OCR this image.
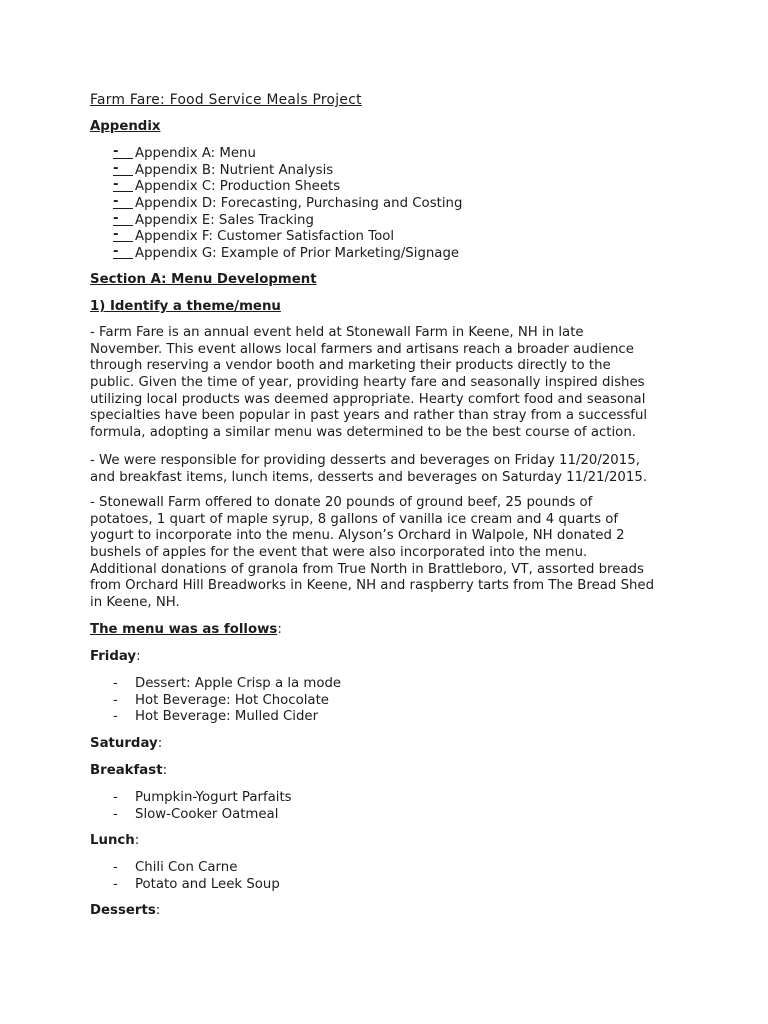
Farm Fare: Food Service Meals Project
Appendix
-	Appendix A: Menu
-	Appendix B: Nutrient Analysis
-	Appendix C: Production Sheets
-	Appendix D: Forecasting, Purchasing and Costing
-	Appendix E: Sales Tracking
-	Appendix F: Customer Satisfaction Tool
-	Appendix G: Example of Prior Marketing/Signage
Section A: Menu Development
1) Identify a theme/menu
- Farm Fare is an annual event held at Stonewall Farm in Keene, NH in late
November. This event allows local farmers and artisans reach a broader audience
through reserving a vendor booth and marketing their products directly to the
public. Given the time of year, providing hearty fare and seasonally inspired dishes
utilizing local products was deemed appropriate. Hearty comfort food and seasonal
specialties have been popular in past years and rather than stray from a successful
formula, adopting a similar menu was determined to be the best course of action.
- We were responsible for providing desserts and beverages on Friday 11/20/2015,
and breakfast items, lunch items, desserts and beverages on Saturday 11/21/2015.
- Stonewall Farm offered to donate 20 pounds of ground beef, 25 pounds of
potatoes, 1 quart of maple syrup, 8 gallons of vanilla ice cream and 4 quarts of
yogurt to incorporate into the menu. Alyson’s Orchard in Walpole, NH donated 2
bushels of apples for the event that were also incorporated into the menu.
Additional donations of granola from True North in Brattleboro, VT, assorted breads
from Orchard Hill Breadworks in Keene, NH and raspberry tarts from The Bread Shed
in Keene, NH.
The menu was as follows:
Friday:
- Dessert: Apple Crisp a la mode
- Hot Beverage: Hot Chocolate
- Hot Beverage: Mulled Cider
Saturday:
Breakfast:
- Pumpkin-Yogurt Parfaits
- Slow-Cooker Oatmeal
Lunch:
- Chili Con Carne
- Potato and Leek Soup
Desserts:
